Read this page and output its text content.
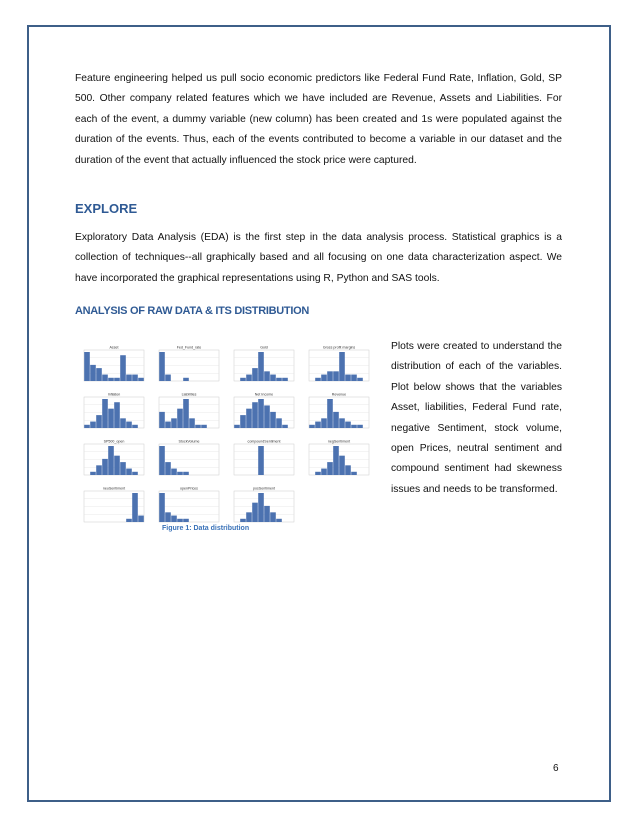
Feature engineering helped us pull socio economic predictors like Federal Fund Rate, Inflation, Gold, SP 500. Other company related features which we have included are Revenue, Assets and Liabilities. For each of the event, a dummy variable (new column) has been created and 1s were populated against the duration of the events. Thus, each of the events contributed to become a variable in our dataset and the duration of the event that actually influenced the stock price were captured.

EXPLORE

Exploratory Data Analysis (EDA) is the first step in the data analysis process. Statistical graphics is a collection of techniques--all graphically based and all focusing on one data characterization aspect. We have incorporated the graphical representations using R, Python and SAS tools.

ANALYSIS OF RAW DATA & ITS DISTRIBUTION
Asset	Fed_Fund_rate	Gold	Gross profit margins
Inflation	Liabilities	Net Income	Revenue
SP500_open	StockVolume	compoundSentiment	negSentiment
neuSentiment	openPrices	posSentiment

Figure 1: Data distribution

Plots were created to understand the distribution of each of the variables. Plot below shows that the variables Asset, liabilities, Federal Fund rate, negative Sentiment, stock volume, open Prices, neutral sentiment and compound sentiment had skewness issues and needs to be transformed.

6
